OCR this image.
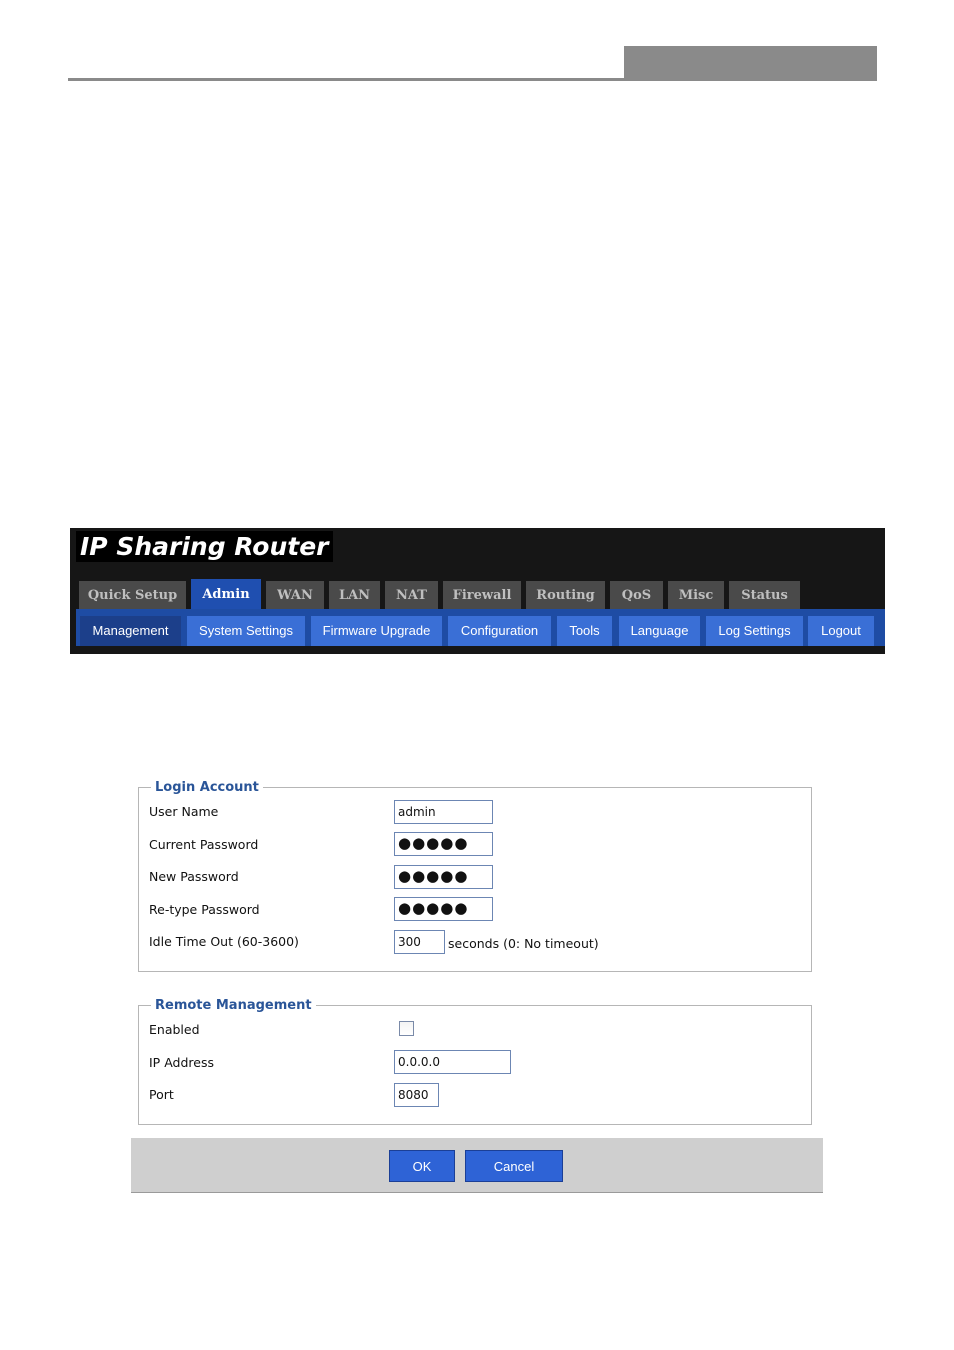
IP Sharing Router
Quick Setup	Admin	WAN	LAN	NAT	Firewall	Routing	QoS	Misc	Status
Management	System Settings	Firmware Upgrade	Configuration	Tools	Language	Log Settings	Logout
Login Account
User Name	admin
Current Password	●●●●●
New Password	●●●●●
Re-type Password	●●●●●
Idle Time Out (60-3600)	300	seconds (0: No timeout)
Remote Management
Enabled
IP Address	0.0.0.0
Port	8080
OK	Cancel
